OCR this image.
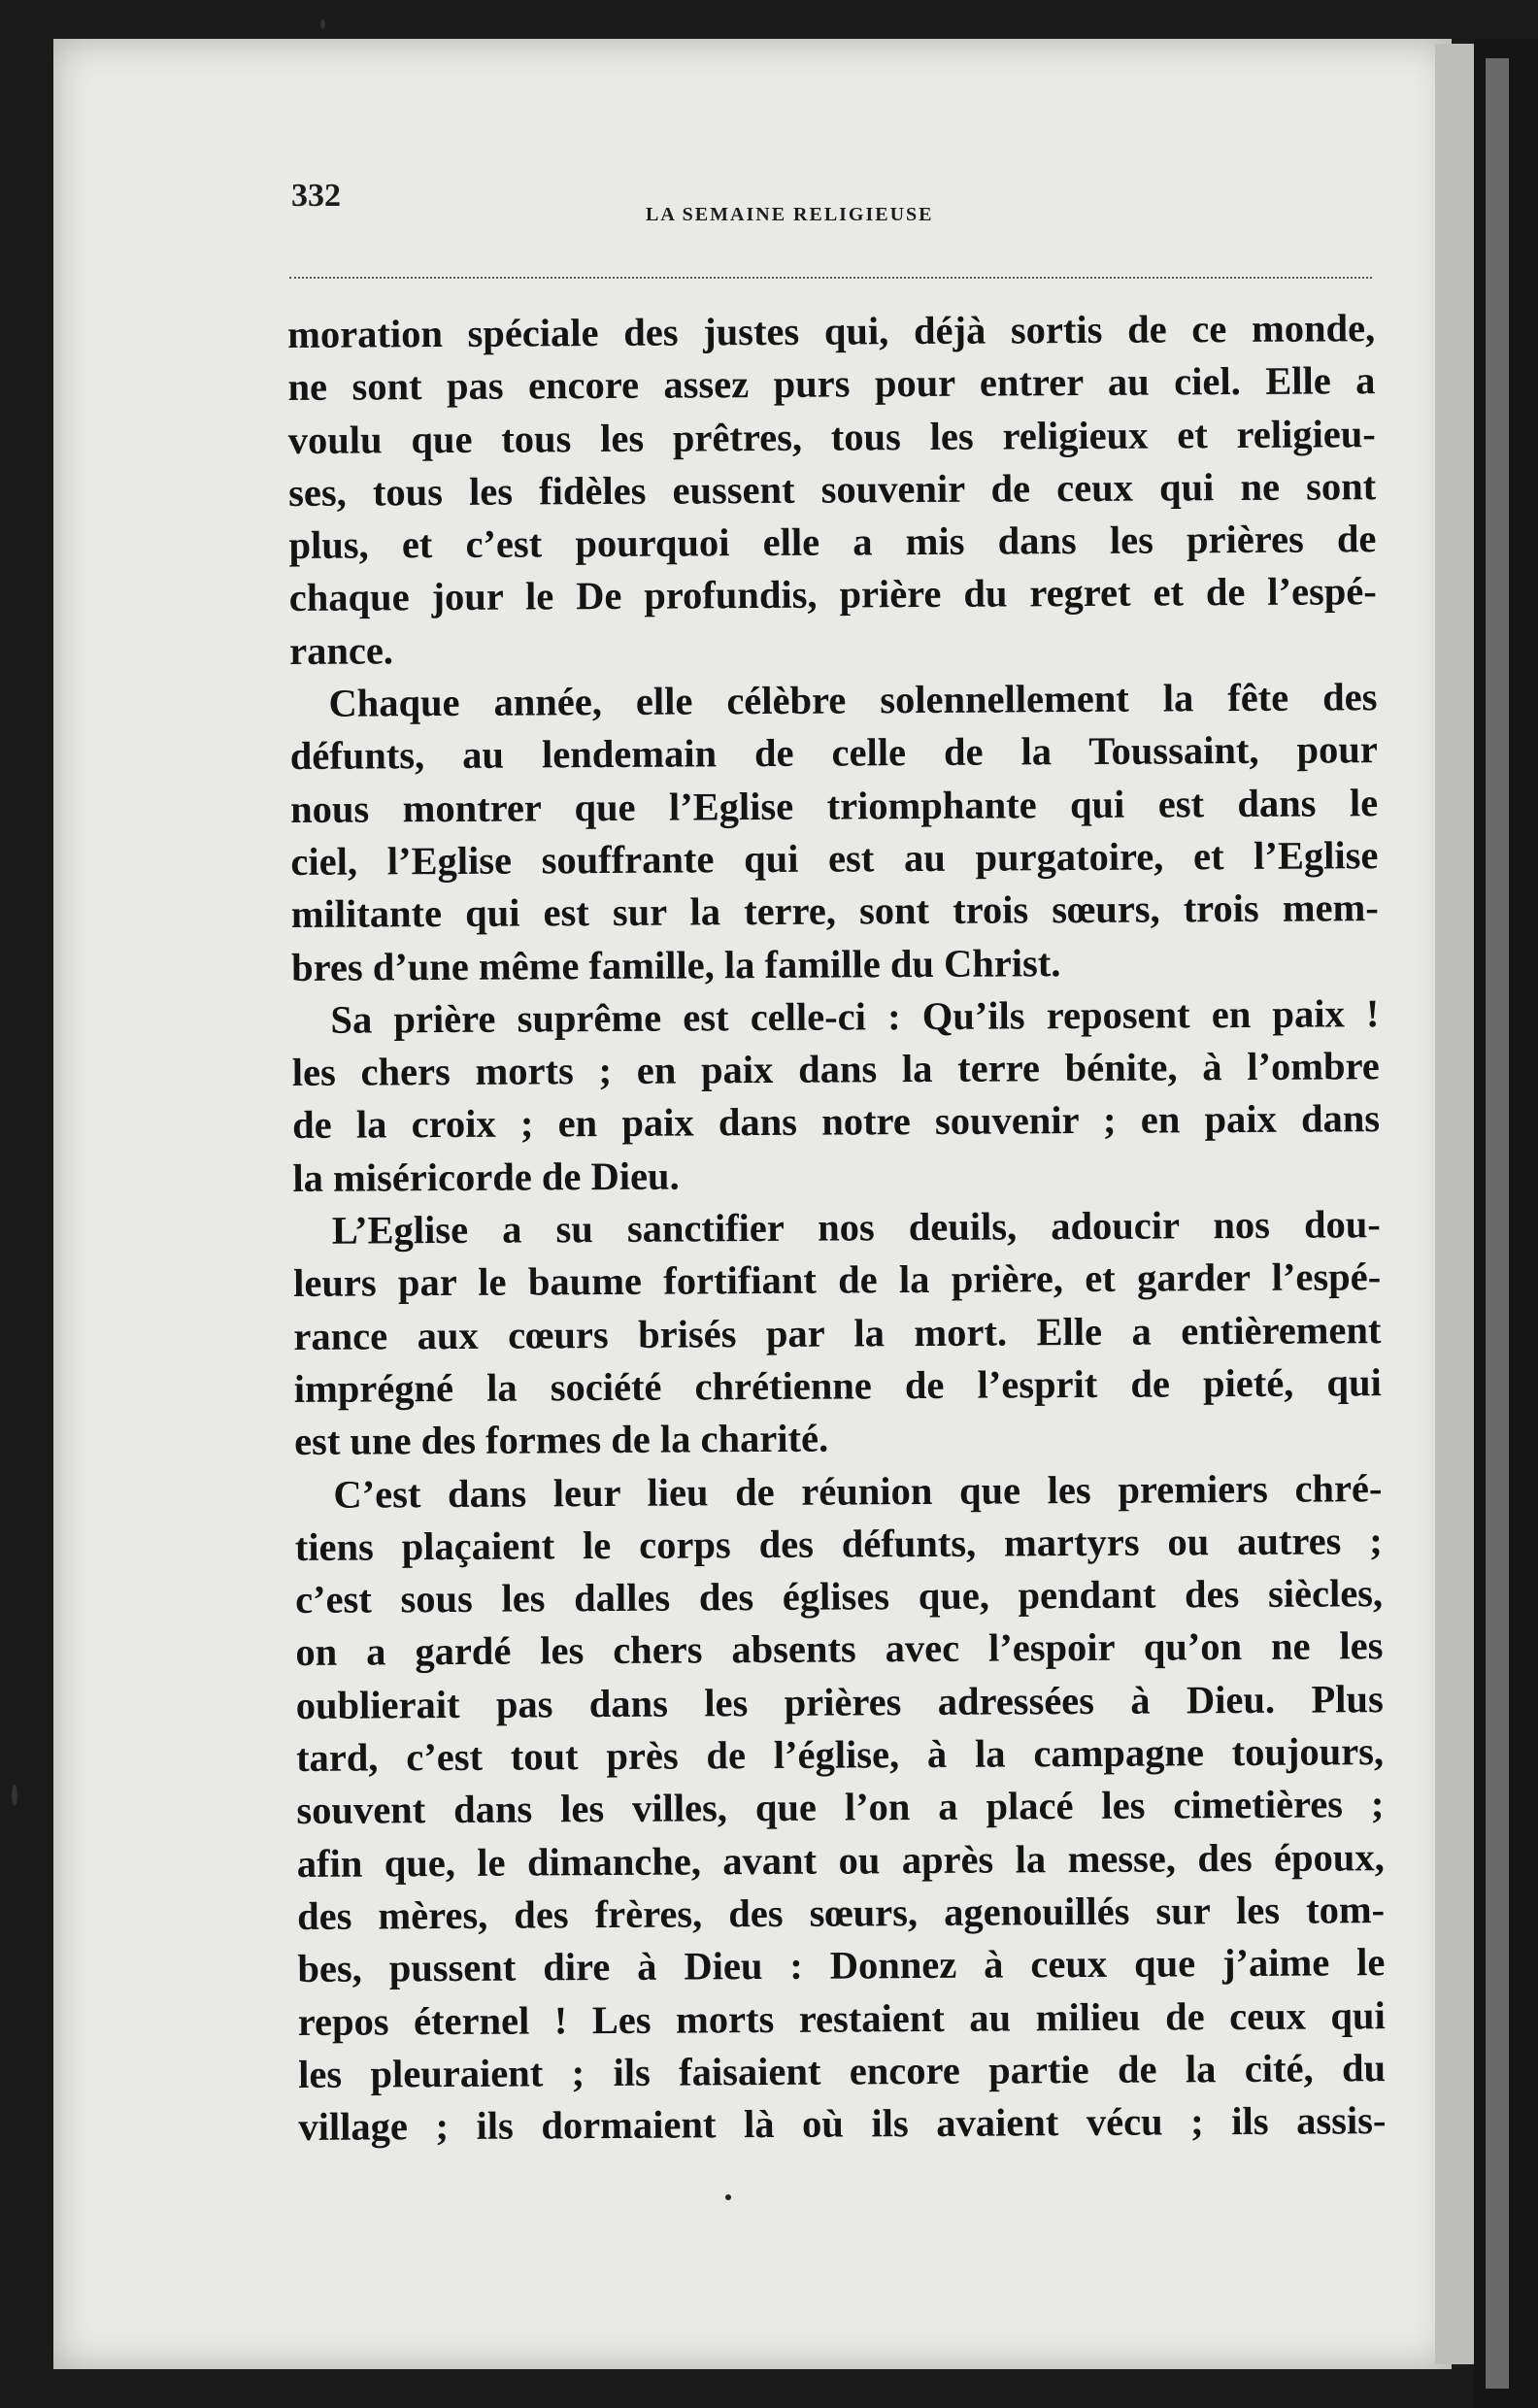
332
LA SEMAINE RELIGIEUSE
moration spéciale des justes qui, déjà sortis de ce monde,
ne sont pas encore assez purs pour entrer au ciel. Elle a
voulu que tous les prêtres, tous les religieux et religieu-
ses, tous les fidèles eussent souvenir de ceux qui ne sont
plus, et c’est pourquoi elle a mis dans les prières de
chaque jour le De profundis, prière du regret et de l’espé-
rance.
Chaque année, elle célèbre solennellement la fête des
défunts, au lendemain de celle de la Toussaint, pour
nous montrer que l’Eglise triomphante qui est dans le
ciel, l’Eglise souffrante qui est au purgatoire, et l’Eglise
militante qui est sur la terre, sont trois sœurs, trois mem-
bres d’une même famille, la famille du Christ.
Sa prière suprême est celle-ci : Qu’ils reposent en paix !
les chers morts ; en paix dans la terre bénite, à l’ombre
de la croix ; en paix dans notre souvenir ; en paix dans
la miséricorde de Dieu.
L’Eglise a su sanctifier nos deuils, adoucir nos dou-
leurs par le baume fortifiant de la prière, et garder l’espé-
rance aux cœurs brisés par la mort. Elle a entièrement
imprégné la société chrétienne de l’esprit de pieté, qui
est une des formes de la charité.
C’est dans leur lieu de réunion que les premiers chré-
tiens plaçaient le corps des défunts, martyrs ou autres ;
c’est sous les dalles des églises que, pendant des siècles,
on a gardé les chers absents avec l’espoir qu’on ne les
oublierait pas dans les prières adressées à Dieu. Plus
tard, c’est tout près de l’église, à la campagne toujours,
souvent dans les villes, que l’on a placé les cimetières ;
afin que, le dimanche, avant ou après la messe, des époux,
des mères, des frères, des sœurs, agenouillés sur les tom-
bes, pussent dire à Dieu : Donnez à ceux que j’aime le
repos éternel ! Les morts restaient au milieu de ceux qui
les pleuraient ; ils faisaient encore partie de la cité, du
village ; ils dormaient là où ils avaient vécu ; ils assis-
